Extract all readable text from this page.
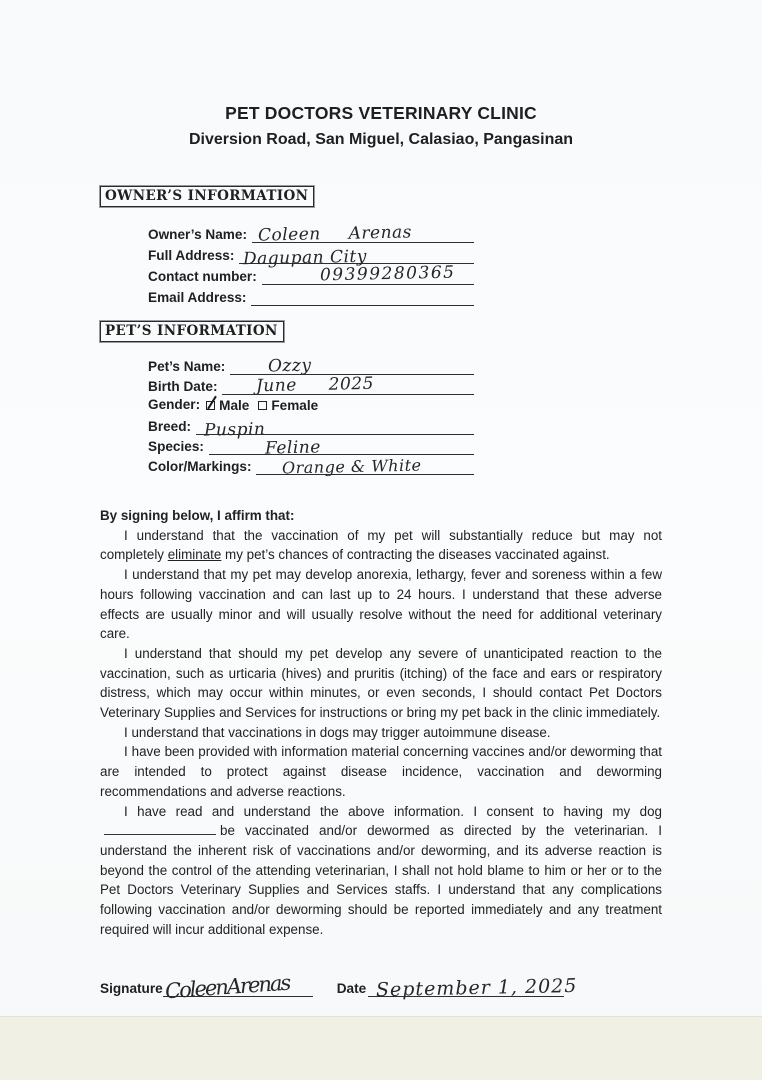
PET DOCTORS VETERINARY CLINIC
Diversion Road, San Miguel, Calasiao, Pangasinan
OWNER’S INFORMATION
Owner’s Name: Coleen Arenas
Full Address: Dagupan City
Contact number:	09399280365
Email Address:
PET’S INFORMATION
Pet’s Name:	Ozzy
Birth Date: June 2025
Gender:	Male Female
Breed: Puspin
Species:	Feline
Color/Markings:	Orange & White

By signing below, I affirm that:

I understand that the vaccination of my pet will substantially reduce but may not completely eliminate my pet’s chances of contracting the diseases vaccinated against.

I understand that my pet may develop anorexia, lethargy, fever and soreness within a few hours following vaccination and can last up to 24 hours. I understand that these adverse effects are usually minor and will usually resolve without the need for additional veterinary care.

I understand that should my pet develop any severe of unanticipated reaction to the vaccination, such as urticaria (hives) and pruritis (itching) of the face and ears or respiratory distress, which may occur within minutes, or even seconds, I should contact Pet Doctors Veterinary Supplies and Services for instructions or bring my pet back in the clinic immediately.

I understand that vaccinations in dogs may trigger autoimmune disease.

I have been provided with information material concerning vaccines and/or deworming that are intended to protect against disease incidence, vaccination and deworming recommendations and adverse reactions.

I have read and understand the above information. I consent to having my dogbe vaccinated and/or dewormed as directed by the veterinarian. I understand the inherent risk of vaccinations and/or deworming, and its adverse reaction is beyond the control of the attending veterinarian, I shall not hold blame to him or her or to the Pet Doctors Veterinary Supplies and Services staffs. I understand that any complications following vaccination and/or deworming should be reported immediately and any treatment required will incur additional expense.

Signature ColeenArenas	Date September 1, 2025
